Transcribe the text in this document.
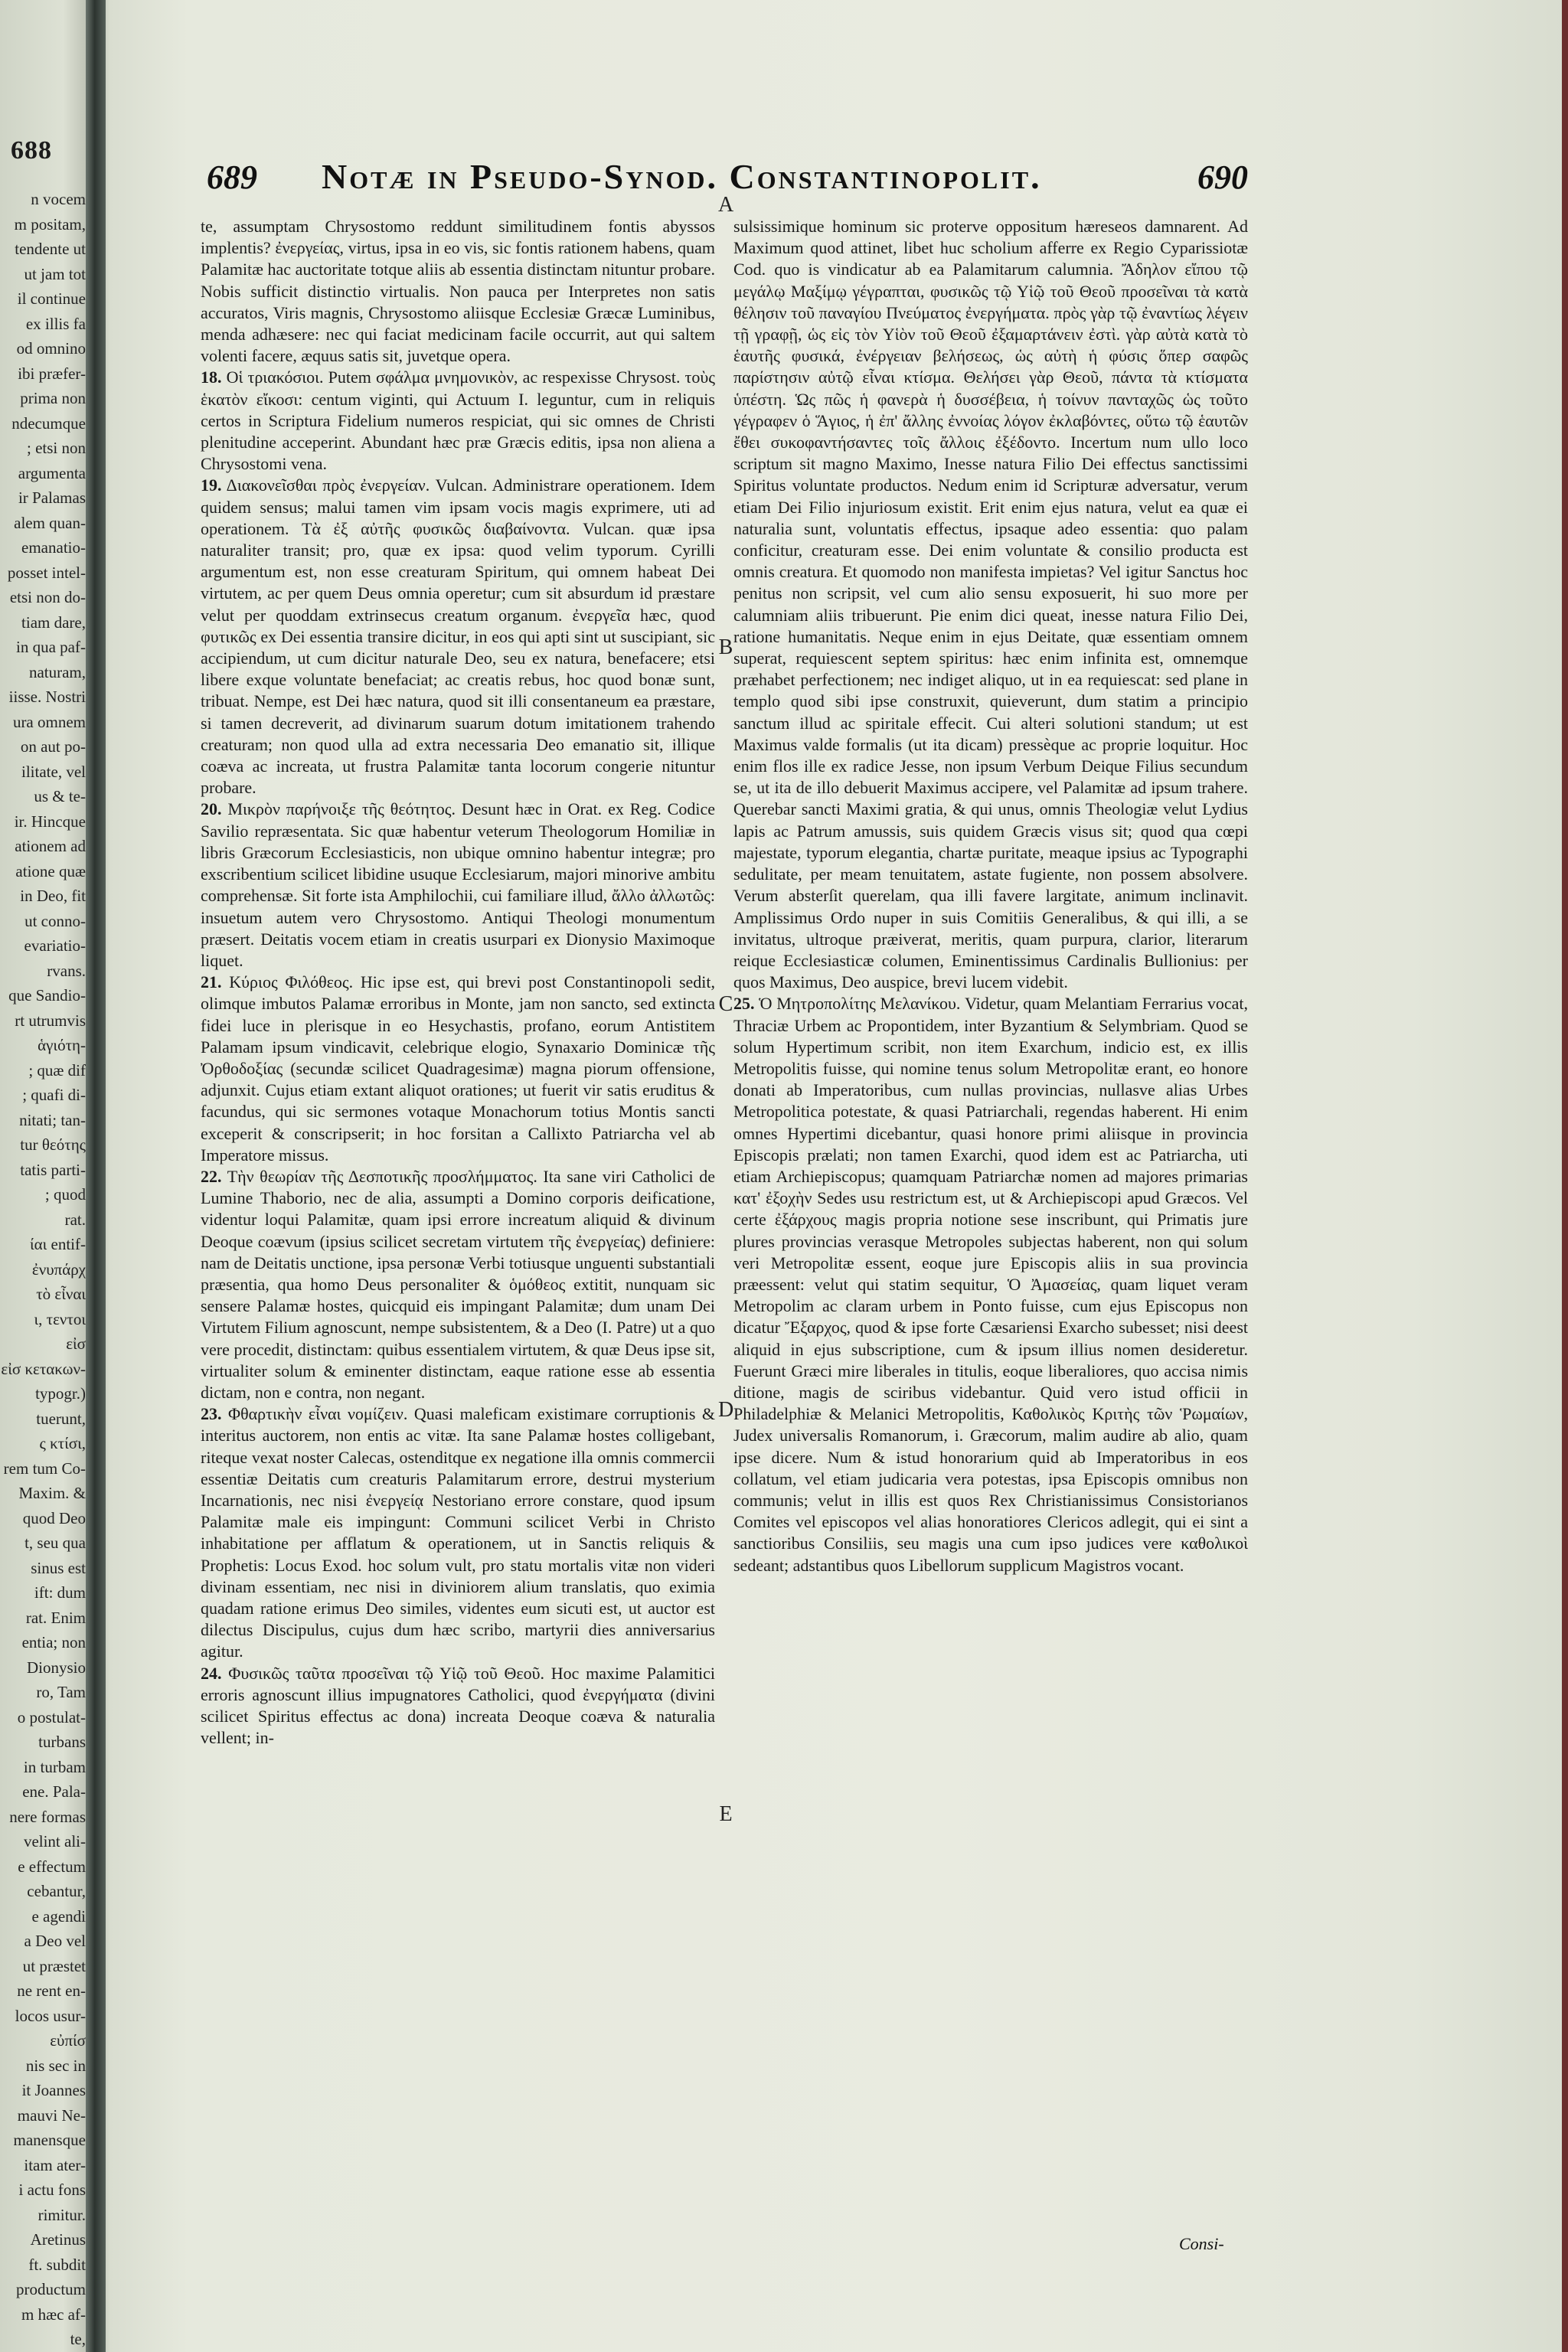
688
n vocem
m positam,
tendente ut
ut jam tot
il continue
ex illis fa
od omnino
ibi præfer-
prima non
ndecumque
; etsi non
argumenta
ir Palamas
alem quan-
emanatio-
posset intel-
etsi non do-
tiam dare,
in qua paf-
naturam,
iisse. Nostri
ura omnem
on aut po-
ilitate, vel
us & te-
ir. Hincque
ationem ad
atione quæ
in Deo, fit
ut conno-
evariatio-
rvans.
que Sandio-
rt utrumvis
ἁγιότη-
; quæ dif
; quafi di-
nitati; tan-
tur θεότης
tatis parti-
; quod
rat.
ίαι entif-
ἐνυπάρχ
τὸ εἶναι
ι, τεντοι
εἰσ
εἰσ κετακων-
typogr.)
tuerunt,
ς κτίσι,
rem tum Co-
Maxim. &
quod Deo
t, seu qua
sinus est
ift: dum
rat. Enim
entia; non
Dionysio
ro, Tam
o postulat-
turbans
in turbam
ene. Pala-
nere formas
velint ali-
e effectum
cebantur,
e agendi
a Deo vel
ut præstet
ne rent en-
locos usur-
εὐπίσ
nis sec in
it Joannes
mauvi Ne-
manensque
itam ater-
i actu fons
rimitur.
Aretinus
ft. subdit
productum
m hæc af-
te,
689 Notæ in Pseudo-Synod. Constantinopolit.	690

te, assumptam Chrysostomo reddunt similitudinem fontis abyssos implentis? ἐνεργείας, virtus, ipsa in eo vis, sic fontis rationem habens, quam Palamitæ hac auctoritate totque aliis ab essentia distinctam nituntur probare. Nobis sufficit distinctio virtualis. Non pauca per Interpretes non satis accuratos, Viris magnis, Chrysostomo aliisque Ecclesiæ Græcæ Luminibus, menda adhæsere: nec qui faciat medicinam facile occurrit, aut qui saltem volenti facere, æquus satis sit, juvetque opera.

18. Οἱ τριακόσιοι. Putem σφάλμα μνημονικὸν, ac respexisse Chrysost. τοὺς ἑκατὸν εἴκοσι: centum viginti, qui Actuum I. leguntur, cum in reliquis certos in Scriptura Fidelium numeros respiciat, qui sic omnes de Christi plenitudine acceperint. Abundant hæc præ Græcis editis, ipsa non aliena a Chrysostomi vena.

19. Διακονεῖσθαι πρὸς ἐνεργείαν. Vulcan. Administrare operationem. Idem quidem sensus; malui tamen vim ipsam vocis magis exprimere, uti ad operationem. Τὰ ἐξ αὐτῆς φυσικῶς διαβαίνοντα. Vulcan. quæ ipsa naturaliter transit; pro, quæ ex ipsa: quod velim typorum. Cyrilli argumentum est, non esse creaturam Spiritum, qui omnem habeat Dei virtutem, ac per quem Deus omnia operetur; cum sit absurdum id præstare velut per quoddam extrinsecus creatum organum. ἐνεργεῖα hæc, quod φυτικῶς ex Dei essentia transire dicitur, in eos qui apti sint ut suscipiant, sic accipiendum, ut cum dicitur naturale Deo, seu ex natura, benefacere; etsi libere exque voluntate benefaciat; ac creatis rebus, hoc quod bonæ sunt, tribuat. Nempe, est Dei hæc natura, quod sit illi consentaneum ea præstare, si tamen decreverit, ad divinarum suarum dotum imitationem trahendo creaturam; non quod ulla ad extra necessaria Deo emanatio sit, illique coæva ac increata, ut frustra Palamitæ tanta locorum congerie nituntur probare.

20. Μικρὸν παρήνοιξε τῆς θεότητος. Desunt hæc in Orat. ex Reg. Codice Savilio repræsentata. Sic quæ habentur veterum Theologorum Homiliæ in libris Græcorum Ecclesiasticis, non ubique omnino habentur integræ; pro exscribentium scilicet libidine usuque Ecclesiarum, majori minorive ambitu comprehensæ. Sit forte ista Amphilochii, cui familiare illud, ἄλλο ἀλλωτῶς: insuetum autem vero Chrysostomo. Antiqui Theologi monumentum præsert. Deitatis vocem etiam in creatis usurpari ex Dionysio Maximoque liquet.

21. Κύριος Φιλόθεος. Hic ipse est, qui brevi post Constantinopoli sedit, olimque imbutos Palamæ erroribus in Monte, jam non sancto, sed extincta fidei luce in plerisque in eo Hesychastis, profano, eorum Antistitem Palamam ipsum vindicavit, celebrique elogio, Synaxario Dominicæ τῆς Ὀρθοδοξίας (secundæ scilicet Quadragesimæ) magna piorum offensione, adjunxit. Cujus etiam extant aliquot orationes; ut fuerit vir satis eruditus & facundus, qui sic sermones votaque Monachorum totius Montis sancti exceperit & conscripserit; in hoc forsitan a Callixto Patriarcha vel ab Imperatore missus.

22. Τὴν θεωρίαν τῆς Δεσποτικῆς προσλήμματος. Ita sane viri Catholici de Lumine Thaborio, nec de alia, assumpti a Domino corporis deificatione, videntur loqui Palamitæ, quam ipsi errore increatum aliquid & divinum Deoque coævum (ipsius scilicet secretam virtutem τῆς ἐνεργείας) definiere: nam de Deitatis unctione, ipsa personæ Verbi totiusque unguenti substantiali præsentia, qua homo Deus personaliter & ὁμόθεος extitit, nunquam sic sensere Palamæ hostes, quicquid eis impingant Palamitæ; dum unam Dei Virtutem Filium agnoscunt, nempe subsistentem, & a Deo (I. Patre) ut a quo vere procedit, distinctam: quibus essentialem virtutem, & quæ Deus ipse sit, virtualiter solum & eminenter distinctam, eaque ratione esse ab essentia dictam, non e contra, non negant.

23. Φθαρτικὴν εἶναι νομίζειν. Quasi maleficam existimare corruptionis & interitus auctorem, non entis ac vitæ. Ita sane Palamæ hostes colligebant, riteque vexat noster Calecas, ostenditque ex negatione illa omnis commercii essentiæ Deitatis cum creaturis Palamitarum errore, destrui mysterium Incarnationis, nec nisi ἐνεργείᾳ Nestoriano errore constare, quod ipsum Palamitæ male eis impingunt: Communi scilicet Verbi in Christo inhabitatione per afflatum & operationem, ut in Sanctis reliquis & Prophetis: Locus Exod. hoc solum vult, pro statu mortalis vitæ non videri divinam essentiam, nec nisi in diviniorem alium translatis, quo eximia quadam ratione erimus Deo similes, videntes eum sicuti est, ut auctor est dilectus Discipulus, cujus dum hæc scribo, martyrii dies anniversarius agitur.

24. Φυσικῶς ταῦτα προσεῖναι τῷ Υἱῷ τοῦ Θεοῦ. Hoc maxime Palamitici erroris agnoscunt illius impugnatores Catholici, quod ἐνεργήματα (divini scilicet Spiritus effectus ac dona) increata Deoque coæva & naturalia vellent; in-

sulsissimique hominum sic proterve oppositum hæreseos damnarent. Ad Maximum quod attinet, libet huc scholium afferre ex Regio Cyparissiotæ Cod. quo is vindicatur ab ea Palamitarum calumnia. Ἄδηλον εἴπου τῷ μεγάλῳ Μαξίμῳ γέγραπται, φυσικῶς τῷ Υἱῷ τοῦ Θεοῦ προσεῖναι τὰ κατὰ θέλησιν τοῦ παναγίου Πνεύματος ἐνεργήματα. πρὸς γὰρ τῷ ἐναντίως λέγειν τῇ γραφῇ, ὡς εἰς τὸν Υἱὸν τοῦ Θεοῦ ἐξαμαρτάνειν ἐστὶ. γὰρ αὐτὰ κατὰ τὸ ἑαυτῆς φυσικά, ἐνέργειαν βελήσεως, ὡς αὐτὴ ἡ φύσις ὅπερ σαφῶς παρίστησιν αὐτῷ εἶναι κτίσμα. Θελήσει γὰρ Θεοῦ, πάντα τὰ κτίσματα ὑπέστη. Ὡς πῶς ἡ φανερὰ ἡ δυσσέβεια, ἡ τοίνυν πανταχῶς ὡς τοῦτο γέγραφεν ὁ Ἅγιος, ἡ ἐπ' ἄλλης ἐννοίας λόγον ἐκλαβόντες, οὕτω τῷ ἑαυτῶν ἔθει συκοφαντήσαντες τοῖς ἄλλοις ἐξέδοντο. Incertum num ullo loco scriptum sit magno Maximo, Inesse natura Filio Dei effectus sanctissimi Spiritus voluntate productos. Nedum enim id Scripturæ adversatur, verum etiam Dei Filio injuriosum existit. Erit enim ejus natura, velut ea quæ ei naturalia sunt, voluntatis effectus, ipsaque adeo essentia: quo palam conficitur, creaturam esse. Dei enim voluntate & consilio producta est omnis creatura. Et quomodo non manifesta impietas? Vel igitur Sanctus hoc penitus non scripsit, vel cum alio sensu exposuerit, hi suo more per calumniam aliis tribuerunt. Pie enim dici queat, inesse natura Filio Dei, ratione humanitatis. Neque enim in ejus Deitate, quæ essentiam omnem superat, requiescent septem spiritus: hæc enim infinita est, omnemque præhabet perfectionem; nec indiget aliquo, ut in ea requiescat: sed plane in templo quod sibi ipse construxit, quieverunt, dum statim a principio sanctum illud ac spiritale effecit. Cui alteri solutioni standum; ut est Maximus valde formalis (ut ita dicam) pressèque ac proprie loquitur. Hoc enim flos ille ex radice Jesse, non ipsum Verbum Deique Filius secundum se, ut ita de illo debuerit Maximus accipere, vel Palamitæ ad ipsum trahere. Querebar sancti Maximi gratia, & qui unus, omnis Theologiæ velut Lydius lapis ac Patrum amussis, suis quidem Græcis visus sit; quod qua cœpi majestate, typorum elegantia, chartæ puritate, meaque ipsius ac Typographi sedulitate, per meam tenuitatem, astate fugiente, non possem absolvere. Verum absterſit querelam, qua illi favere largitate, animum inclinavit. Amplissimus Ordo nuper in suis Comitiis Generalibus, & qui illi, a se invitatus, ultroque præiverat, meritis, quam purpura, clarior, literarum reique Ecclesiasticæ columen, Eminentissimus Cardinalis Bullionius: per quos Maximus, Deo auspice, brevi lucem videbit.

25. Ὁ Μητροπολίτης Μελανίκου. Videtur, quam Melantiam Ferrarius vocat, Thraciæ Urbem ac Propontidem, inter Byzantium & Selymbriam. Quod se solum Hypertimum scribit, non item Exarchum, indicio est, ex illis Metropolitis fuisse, qui nomine tenus solum Metropolitæ erant, eo honore donati ab Imperatoribus, cum nullas provincias, nullasve alias Urbes Metropolitica potestate, & quasi Patriarchali, regendas haberent. Hi enim omnes Hypertimi dicebantur, quasi honore primi aliisque in provincia Episcopis prælati; non tamen Exarchi, quod idem est ac Patriarcha, uti etiam Archiepiscopus; quamquam Patriarchæ nomen ad majores primarias κατ' ἐξοχὴν Sedes usu restrictum est, ut & Archiepiscopi apud Græcos. Vel certe ἐξάρχους magis propria notione sese inscribunt, qui Primatis jure plures provincias verasque Metropoles subjectas haberent, non qui solum veri Metropolitæ essent, eoque jure Episcopis aliis in sua provincia præessent: velut qui statim sequitur, Ὁ Ἀμασείας, quam liquet veram Metropolim ac claram urbem in Ponto fuisse, cum ejus Episcopus non dicatur Ἔξαρχος, quod & ipse forte Cæsariensi Exarcho subesset; nisi deest aliquid in ejus subscriptione, cum & ipsum illius nomen desideretur. Fuerunt Græci mire liberales in titulis, eoque liberaliores, quo accisa nimis ditione, magis de sciribus videbantur. Quid vero istud officii in Philadelphiæ & Melanici Metropolitis, Καθολικὸς Κριτὴς τῶν Ῥωμαίων, Judex universalis Romanorum, i. Græcorum, malim audire ab alio, quam ipse dicere. Num & istud honorarium quid ab Imperatoribus in eos collatum, vel etiam judicaria vera potestas, ipsa Episcopis omnibus non communis; velut in illis est quos Rex Christianissimus Consistorianos Comites vel episcopos vel alias honoratiores Clericos adlegit, qui ei sint a sanctioribus Consiliis, seu magis una cum ipso judices vere καθολικοὶ sedeant; adstantibus quos Libellorum supplicum Magistros vocant.

A
B
C
D
E
Consi-
